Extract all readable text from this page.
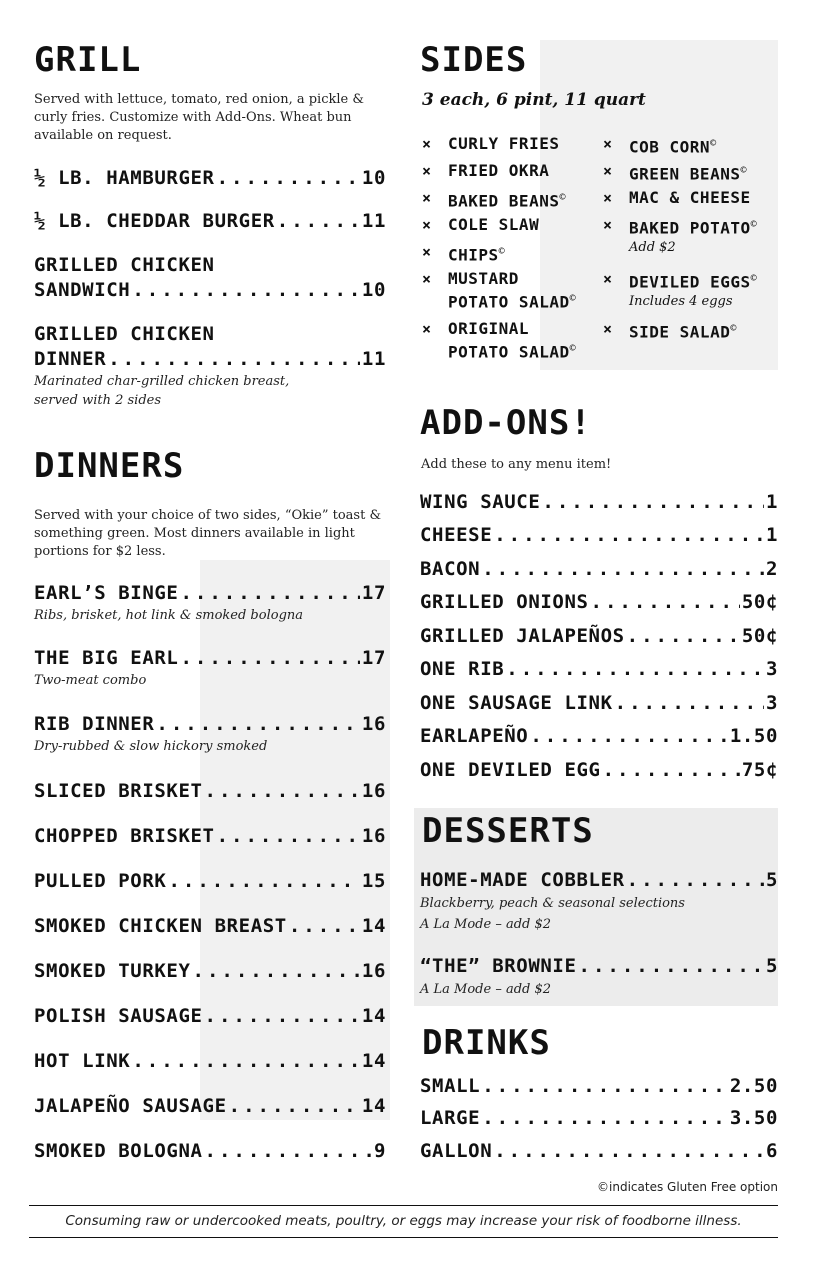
GRILL
Served with lettuce, tomato, red onion, a pickle & curly fries. Customize with Add-Ons. Wheat bun available on request.
½ LB. HAMBURGER .....	10
½ LB. CHEDDAR BURGER .....	11
GRILLED CHICKEN
SANDWICH .....	10
GRILLED CHICKEN
DINNER .....	11
Marinated char-grilled chicken breast, served with 2 sides
DINNERS
Served with your choice of two sides, “Okie” toast & something green. Most dinners available in light portions for $2 less.
EARL’S BINGE .....	17
Ribs, brisket, hot link & smoked bologna
THE BIG EARL .....	17
Two-meat combo
RIB DINNER .....	16
Dry-rubbed & slow hickory smoked
SLICED BRISKET .....	16
CHOPPED BRISKET .....	16
PULLED PORK .....	15
SMOKED CHICKEN BREAST .....	14
SMOKED TURKEY .....	16
POLISH SAUSAGE .....	14
HOT LINK .....	14
JALAPEÑO SAUSAGE .....	14
SMOKED BOLOGNA .....	9
SIDES
3 each, 6 pint, 11 quart
× CURLY FRIES
× FRIED OKRA
× BAKED BEANS©
× COLE SLAW
× CHIPS©
× MUSTARD
POTATO SALAD©
× ORIGINAL
POTATO SALAD©
× COB CORN©
× GREEN BEANS©
× MAC & CHEESE
× BAKED POTATO©
Add $2
× DEVILED EGGS©
Includes 4 eggs
× SIDE SALAD©
ADD-ONS!
Add these to any menu item!
WING SAUCE .....	1
CHEESE .....	1
BACON .....	2
GRILLED ONIONS .....	50¢
GRILLED JALAPEÑOS .....	50¢
ONE RIB .....	3
ONE SAUSAGE LINK .....	3
EARLAPEÑO .....	1.50
ONE DEVILED EGG .....	75¢
DESSERTS
HOME-MADE COBBLER .....	5
Blackberry, peach & seasonal selections
A La Mode – add $2
“THE” BROWNIE .....	5
A La Mode – add $2
DRINKS
SMALL .....	2.50
LARGE .....	3.50
GALLON .....	6
©indicates Gluten Free option
Consuming raw or undercooked meats, poultry, or eggs may increase your risk of foodborne illness.
